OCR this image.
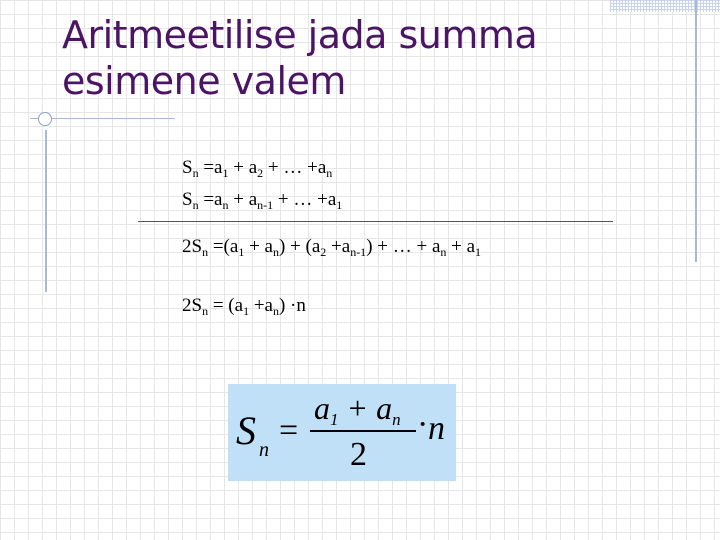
Aritmeetilise jada summa
esimene valem
$S_n =a_1 + a_2$ + … $+a_n$
$S_n =a_n + a_{n-1}$ + … $+a_1$
$2S_n =(a_1 + a_n) + (a_2 +a_{n-1})$ + … + $a_n + a_1$
$2S_n = (a_1 +a_n) \cdot n$
S n
=
$a_1 + a_n$
2
· n
